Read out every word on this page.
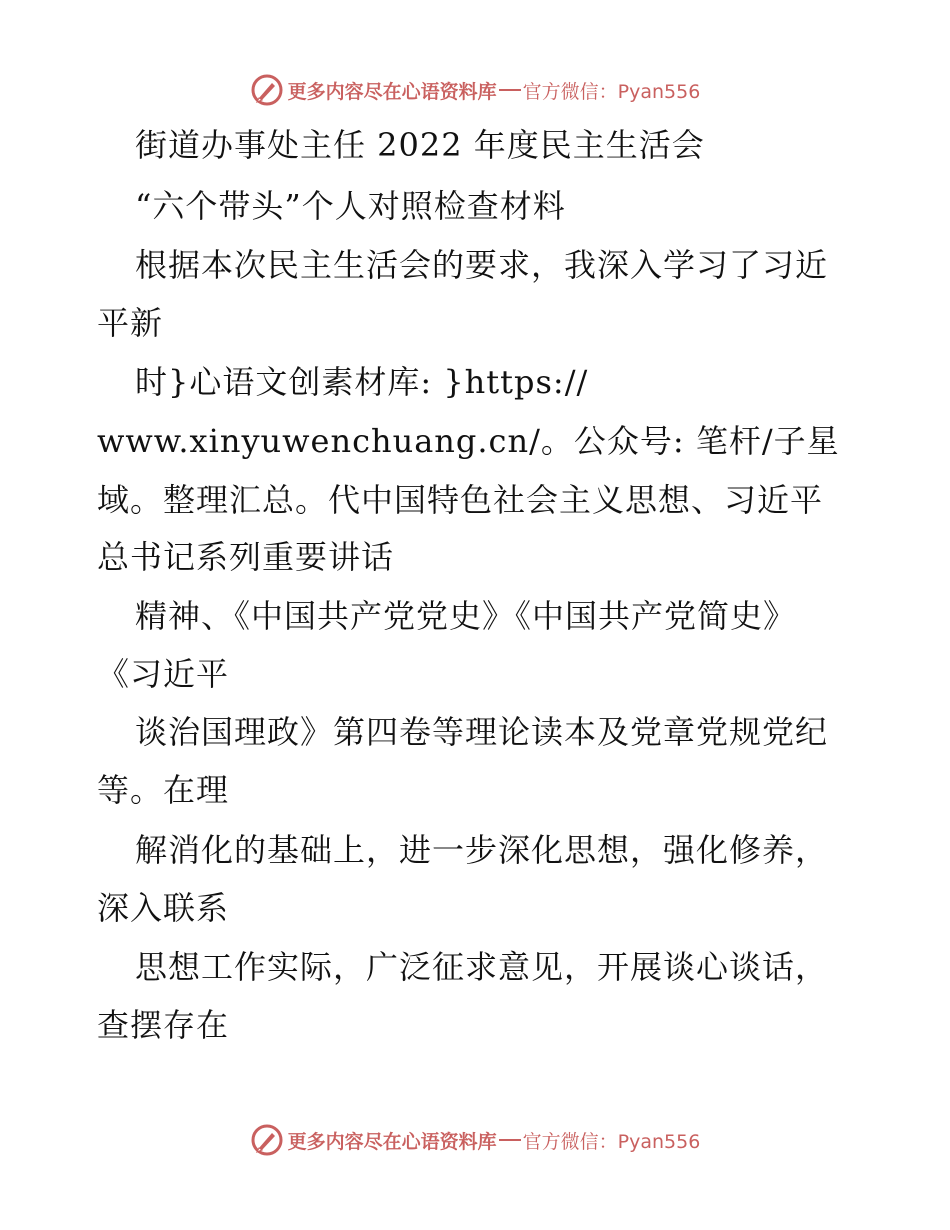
更多内容尽在心语资料库 官方微信：Pyan556
街道办事处主任 2022 年度民主生活会
“六个带头”个人对照检查材料
根据本次民主生活会的要求，我深入学习了习近
平新
时}心语文创素材库: }https://
www.xinyuwenchuang.cn/。公众号: 笔杆/子星
域。整理汇总。代中国特色社会主义思想、习近平
总书记系列重要讲话
精神、《中国共产党党史》《中国共产党简史》
《习近平
谈治国理政》第四卷等理论读本及党章党规党纪
等。在理
解消化的基础上，进一步深化思想，强化修养，
深入联系
思想工作实际，广泛征求意见，开展谈心谈话，
查摆存在
更多内容尽在心语资料库 官方微信：Pyan556
